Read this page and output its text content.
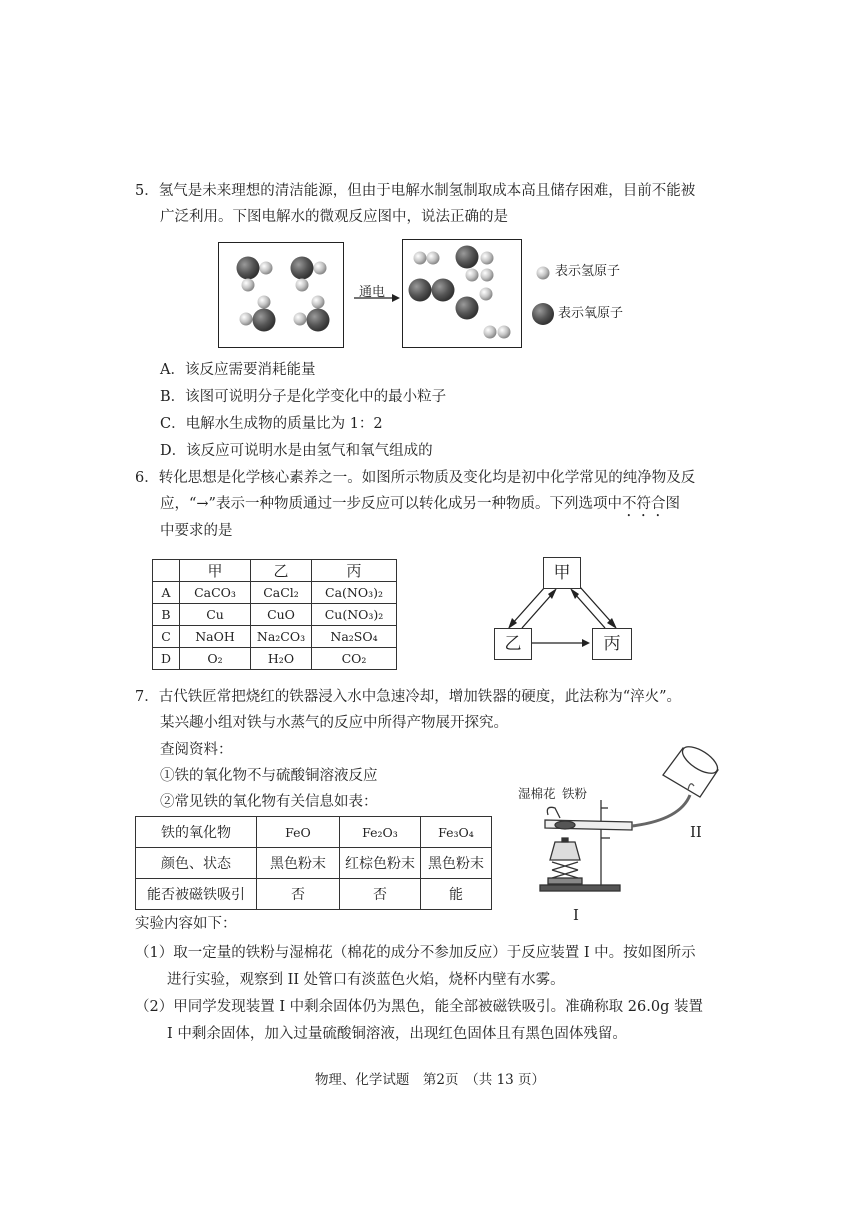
5．氢气是未来理想的清洁能源，但由于电解水制氢制取成本高且储存困难，目前不能被
广泛利用。下图电解水的微观反应图中，说法正确的是
通电
表示氢原子
表示氧原子
A．该反应需要消耗能量
B．该图可说明分子是化学变化中的最小粒子
C．电解水生成物的质量比为 1：2
D．该反应可说明水是由氢气和氧气组成的
6．转化思想是化学核心素养之一。如图所示物质及变化均是初中化学常见的纯净物及反
应，“→”表示一种物质通过一步反应可以转化成另一种物质。下列选项中不符合图
中要求的是
	甲	乙	丙
A	CaCO₃	CaCl₂	Ca(NO₃)₂
B	Cu	CuO	Cu(NO₃)₂
C	NaOH	Na₂CO₃	Na₂SO₄
D	O₂	H₂O	CO₂
甲
乙	丙
7．古代铁匠常把烧红的铁器浸入水中急速冷却，增加铁器的硬度，此法称为“淬火”。
某兴趣小组对铁与水蒸气的反应中所得产物展开探究。
查阅资料：
①铁的氧化物不与硫酸铜溶液反应
②常见铁的氧化物有关信息如表：
铁的氧化物	FeO	Fe₂O₃	Fe₃O₄
颜色、状态	黑色粉末	红棕色粉末	黑色粉末
能否被磁铁吸引	否	否	能
湿棉花 铁粉
II
I
实验内容如下：
（1）取一定量的铁粉与湿棉花（棉花的成分不参加反应）于反应装置 I 中。按如图所示
进行实验，观察到 II 处管口有淡蓝色火焰，烧杯内壁有水雾。
（2）甲同学发现装置 I 中剩余固体仍为黑色，能全部被磁铁吸引。准确称取 26.0g 装置
I 中剩余固体，加入过量硫酸铜溶液，出现红色固体且有黑色固体残留。
物理、化学试题　第2页　（共 13 页）
